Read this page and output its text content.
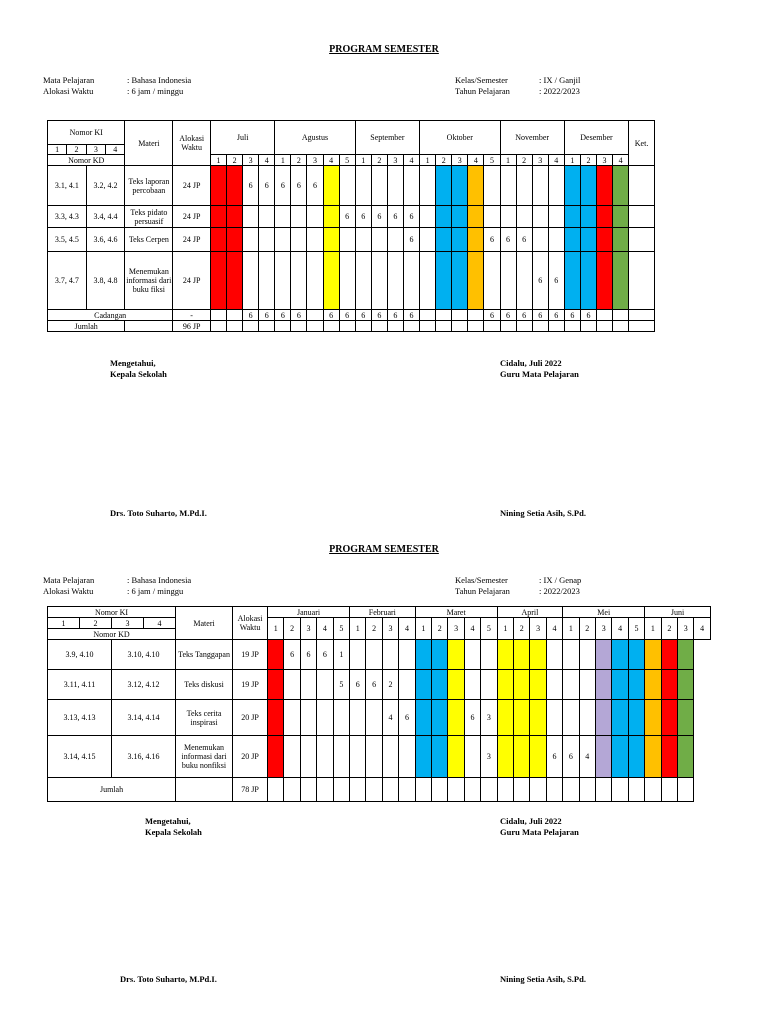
PROGRAM SEMESTER
Mata Pelajaran	: Bahasa Indonesia
Alokasi Waktu	: 6 jam / minggu
Kelas/Semester	: IX / Ganjil
Tahun Pelajaran	: 2022/2023
Nomor KI				Materi	Alokasi Waktu	Juli				Agustus					September				Oktober					November				Desember				Ket.
1	2	3	4																													
Nomor KD						1	2	3	4	1	2	3	4	5	1	2	3	4	1	2	3	4	5	1	2	3	4	1	2	3	4	
3.1, 4.1		3.2, 4.2		Teks laporan percobaan	24 JP			6	6	6	6	6																				
3.3, 4.3		3.4, 4.4		Teks pidato persuasif	24 JP									6	6	6	6	6														
3.5, 4.5		3.6, 4.6		Teks Cerpen	24 JP													6					6	6	6							
3.7, 4.7		3.8, 4.8		Menemukan informasi dari buku fiksi	24 JP																					6	6					
Cadangan					-			6	6	6	6		6	6	6	6	6	6					6	6	6	6	6	6	6			
Jumlah					96 JP																											
Mengetahui,
Kepala Sekolah
Cidalu, Juli 2022
Guru Mata Pelajaran
Drs. Toto Suharto, M.Pd.I.	Nining Setia Asih, S.Pd.
PROGRAM SEMESTER
Mata Pelajaran	: Bahasa Indonesia
Alokasi Waktu	: 6 jam / minggu
Kelas/Semester	: IX / Genap
Tahun Pelajaran	: 2022/2023
Nomor KI				Materi	Alokasi Waktu	Januari					Februari				Maret					April				Mei					Juni			
1	2	3	4			1	2	3	4	5	1	2	3	4	1	2	3	4	5	1	2	3	4	1	2	3	4	5	1	2	3	4
Nomor KD																																
3.9, 4.10		3.10, 4.10		Teks Tanggapan	19 JP		6	6	6	1																						
3.11, 4.11		3.12, 4.12		Teks diskusi	19 JP					5	6	6	2																			
3.13, 4.13		3.14, 4.14		Teks cerita inspirasi	20 JP								4	6				6	3													
3.14, 4.15		3.16, 4.16		Menemukan informasi dari buku nonfiksi	20 JP														3				6	6	4							
Jumlah					78 JP																											
Mengetahui,
Kepala Sekolah
Cidalu, Juli 2022
Guru Mata Pelajaran
Drs. Toto Suharto, M.Pd.I.	Nining Setia Asih, S.Pd.
